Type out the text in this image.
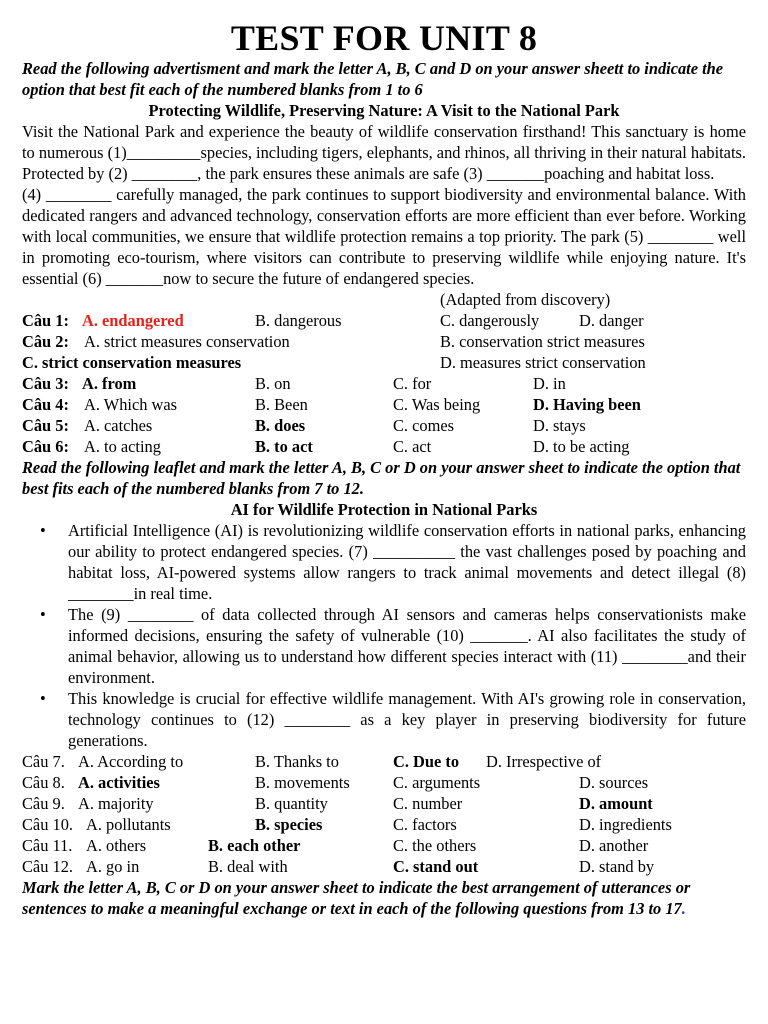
TEST FOR UNIT 8

Read the following advertisment and mark the letter A, B, C and D on your answer sheett to indicate the option that best fit each of the numbered blanks from 1 to 6

Protecting Wildlife, Preserving Nature: A Visit to the National Park

Visit the National Park and experience the beauty of wildlife conservation firsthand! This sanctuary is home to numerous (1)_________species, including tigers, elephants, and rhinos, all thriving in their natural habitats. Protected by (2) ________, the park ensures these animals are safe (3) _______poaching and habitat loss.

(4) ________ carefully managed, the park continues to support biodiversity and environmental balance. With dedicated rangers and advanced technology, conservation efforts are more efficient than ever before. Working with local communities, we ensure that wildlife protection remains a top priority. The park (5) ________ well in promoting eco-tourism, where visitors can contribute to preserving wildlife while enjoying nature. It's essential (6) _______now to secure the future of endangered species.

(Adapted from discovery)

Câu 1: A. endangered	B. dangerous	C. dangerously D. danger
Câu 2: A. strict measures conservation	B. conservation strict measures
C. strict conservation measures	D. measures strict conservation
Câu 3: A. from	B. on	C. for	D. in
Câu 4: A. Which was	B. Been	C. Was being	D. Having been
Câu 5: A. catches	B. does	C. comes	D. stays
Câu 6: A. to acting	B. to act	C. act	D. to be acting

Read the following leaflet and mark the letter A, B, C or D on your answer sheet to indicate the option that best fits each of the numbered blanks from 7 to 12.

AI for Wildlife Protection in National Parks

• Artificial Intelligence (AI) is revolutionizing wildlife conservation efforts in national parks, enhancing our ability to protect endangered species. (7) __________ the vast challenges posed by poaching and habitat loss, AI-powered systems allow rangers to track animal movements and detect illegal (8) ________in real time.
• The (9) ________ of data collected through AI sensors and cameras helps conservationists make informed decisions, ensuring the safety of vulnerable (10) _______. AI also facilitates the study of animal behavior, allowing us to understand how different species interact with (11) ________and their environment.
• This knowledge is crucial for effective wildlife management. With AI's growing role in conservation, technology continues to (12) ________ as a key player in preserving biodiversity for future generations.
Câu 7. A. According to	B. Thanks to	C. Due to D. Irrespective of
Câu 8. A. activities	B. movements	C. arguments	D. sources
Câu 9. A. majority	B. quantity	C. number	D. amount
Câu 10. A. pollutants	B. species	C. factors	D. ingredients
Câu 11. A. others	B. each other	C. the others	D. another
Câu 12. A. go in	B. deal with	C. stand out	D. stand by

Mark the letter A, B, C or D on your answer sheet to indicate the best arrangement of utterances or sentences to make a meaningful exchange or text in each of the following questions from 13 to 17.
